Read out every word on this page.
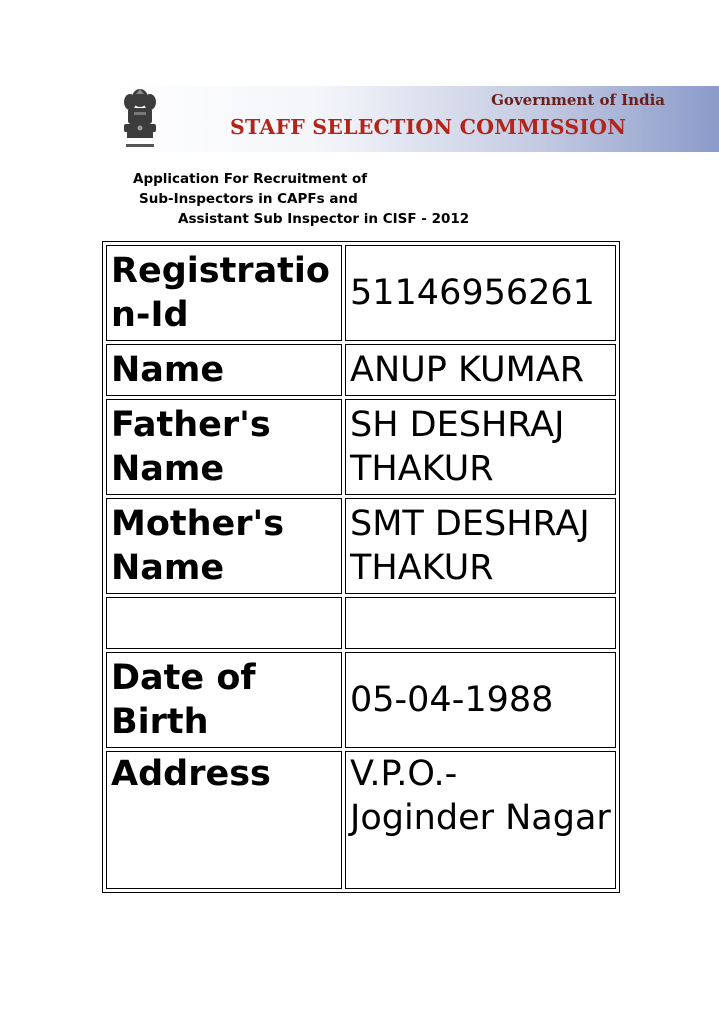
Government of India
STAFF SELECTION COMMISSION
Application For Recruitment of
Sub-Inspectors in CAPFs and
Assistant Sub Inspector in CISF - 2012
Registratio n-Id	51146956261
Name	ANUP KUMAR
Father's Name	SH DESHRAJ THAKUR
Mother's Name	SMT DESHRAJ THAKUR

Date of Birth	05-04-1988
Address	V.P.O.- Joginder Nagar
